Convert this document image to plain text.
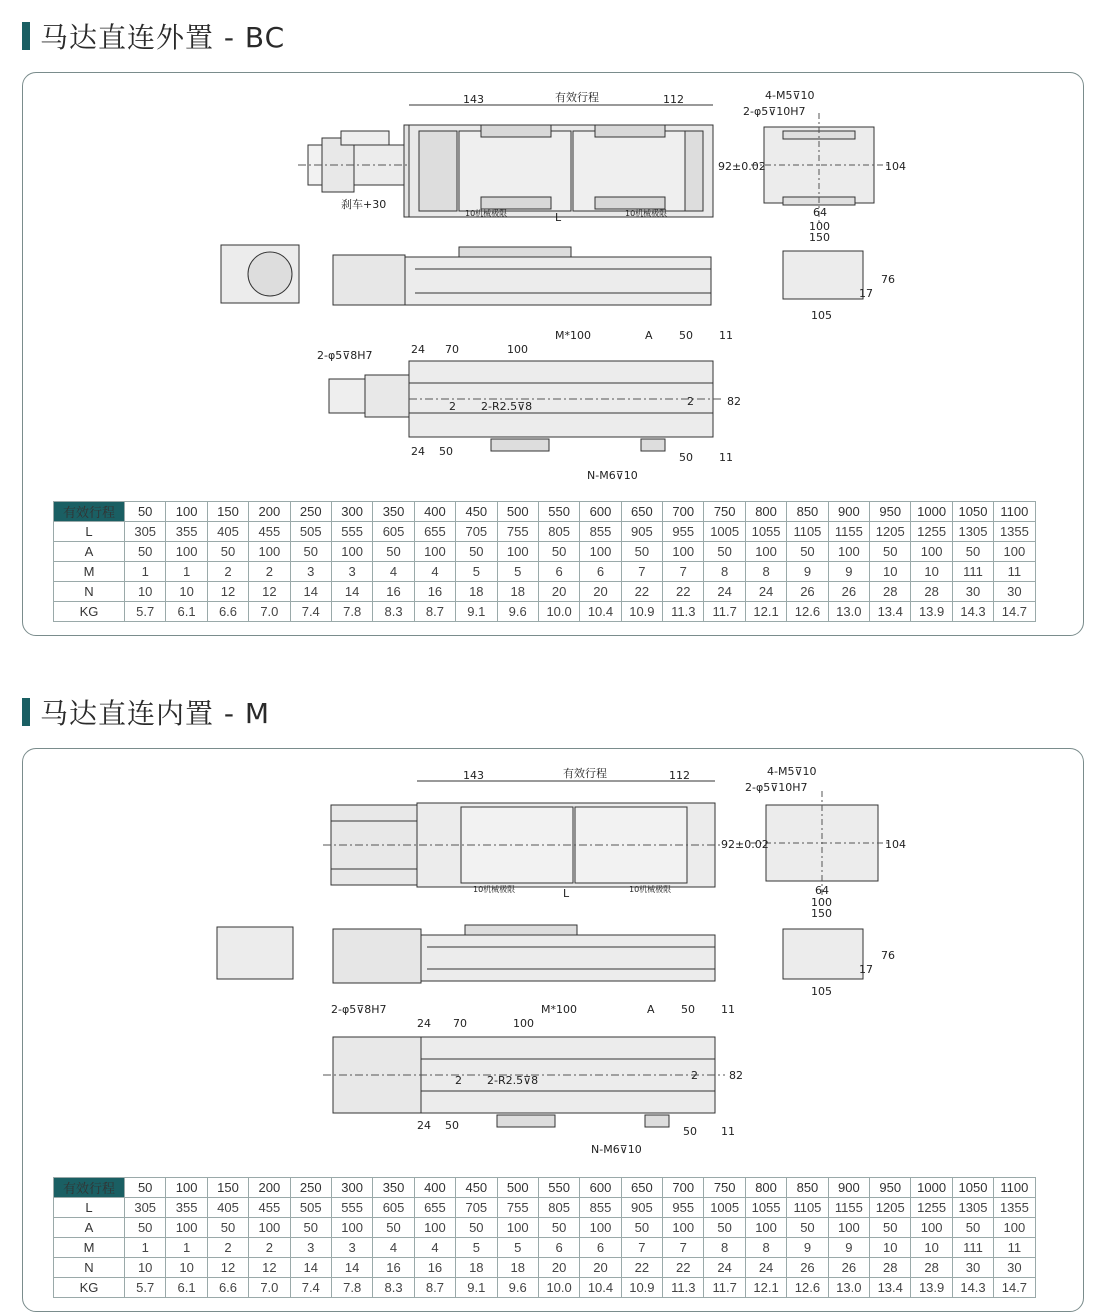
马达直连外置 - BC
143	有效行程	112
刹车+30
10机械极限	L	10机械极限
4-M5⊽10
2-φ5⊽10H7
92±0.02	104
64
100
150
76
17
105
M*100	A 50 11
2-φ5⊽8H7	24 70	100
2 2-R2.5⊽8	2	82
24 50	50 11
N-M6⊽10
有效行程	50	100	150	200	250	300	350	400	450	500	550	600	650	700	750	800	850	900	950	1000	1050	1100
L	305	355	405	455	505	555	605	655	705	755	805	855	905	955	1005	1055	1105	1155	1205	1255	1305	1355
A	50	100	50	100	50	100	50	100	50	100	50	100	50	100	50	100	50	100	50	100	50	100
M	1	1	2	2	3	3	4	4	5	5	6	6	7	7	8	8	9	9	10	10	111	11
N	10	10	12	12	14	14	16	16	18	18	20	20	22	22	24	24	26	26	28	28	30	30
KG	5.7	6.1	6.6	7.0	7.4	7.8	8.3	8.7	9.1	9.6	10.0	10.4	10.9	11.3	11.7	12.1	12.6	13.0	13.4	13.9	14.3	14.7
马达直连内置 - M
143	有效行程	112
10机械极限	L	10机械极限
4-M5⊽10
2-φ5⊽10H7
92±0.02	104
64
100
150
76
17
105
M*100	A 50 11
2-φ5⊽8H7
24 70	100
2 2-R2.5⊽8	2	82
24 50	50 11
N-M6⊽10
有效行程	50	100	150	200	250	300	350	400	450	500	550	600	650	700	750	800	850	900	950	1000	1050	1100
L	305	355	405	455	505	555	605	655	705	755	805	855	905	955	1005	1055	1105	1155	1205	1255	1305	1355
A	50	100	50	100	50	100	50	100	50	100	50	100	50	100	50	100	50	100	50	100	50	100
M	1	1	2	2	3	3	4	4	5	5	6	6	7	7	8	8	9	9	10	10	111	11
N	10	10	12	12	14	14	16	16	18	18	20	20	22	22	24	24	26	26	28	28	30	30
KG	5.7	6.1	6.6	7.0	7.4	7.8	8.3	8.7	9.1	9.6	10.0	10.4	10.9	11.3	11.7	12.1	12.6	13.0	13.4	13.9	14.3	14.7
